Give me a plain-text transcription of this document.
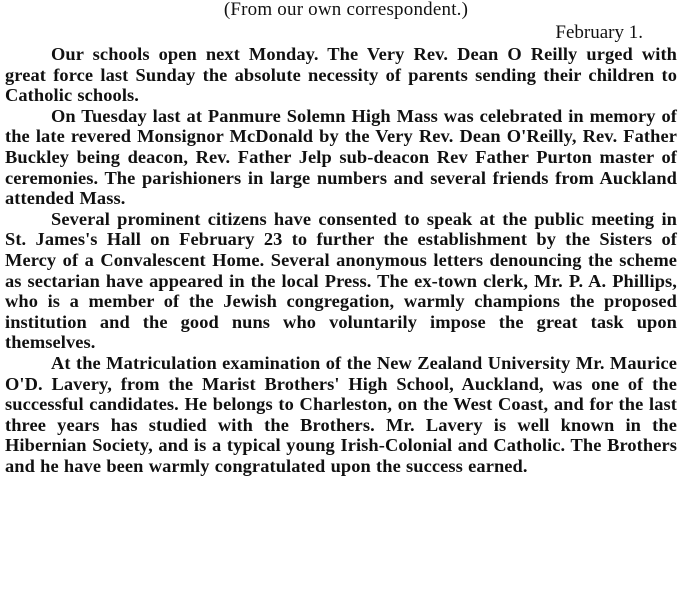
(From our own correspondent.)
February 1.

Our schools open next Monday. The Very Rev. Dean O Reilly urged with great force last Sunday the absolute necessity of parents sending their children to Catholic schools.

On Tuesday last at Panmure Solemn High Mass was celebrated in memory of the late revered Monsignor McDonald by the Very Rev. Dean O'Reilly, Rev. Father Buckley being deacon, Rev. Father Jelp sub-deacon Rev Father Purton master of ceremonies. The parishioners in large numbers and several friends from Auckland attended Mass.

Several prominent citizens have consented to speak at the public meeting in St. James's Hall on February 23 to further the establishment by the Sisters of Mercy of a Convalescent Home. Several anonymous letters denouncing the scheme as sectarian have appeared in the local Press. The ex-town clerk, Mr. P. A. Phillips, who is a member of the Jewish congregation, warmly champions the proposed institution and the good nuns who voluntarily impose the great task upon themselves.

At the Matriculation examination of the New Zealand University Mr. Maurice O'D. Lavery, from the Marist Brothers' High School, Auckland, was one of the successful candidates. He belongs to Charleston, on the West Coast, and for the last three years has studied with the Brothers. Mr. Lavery is well known in the Hibernian Society, and is a typical young Irish-Colonial and Catholic. The Brothers and he have been warmly congratulated upon the success earned.
